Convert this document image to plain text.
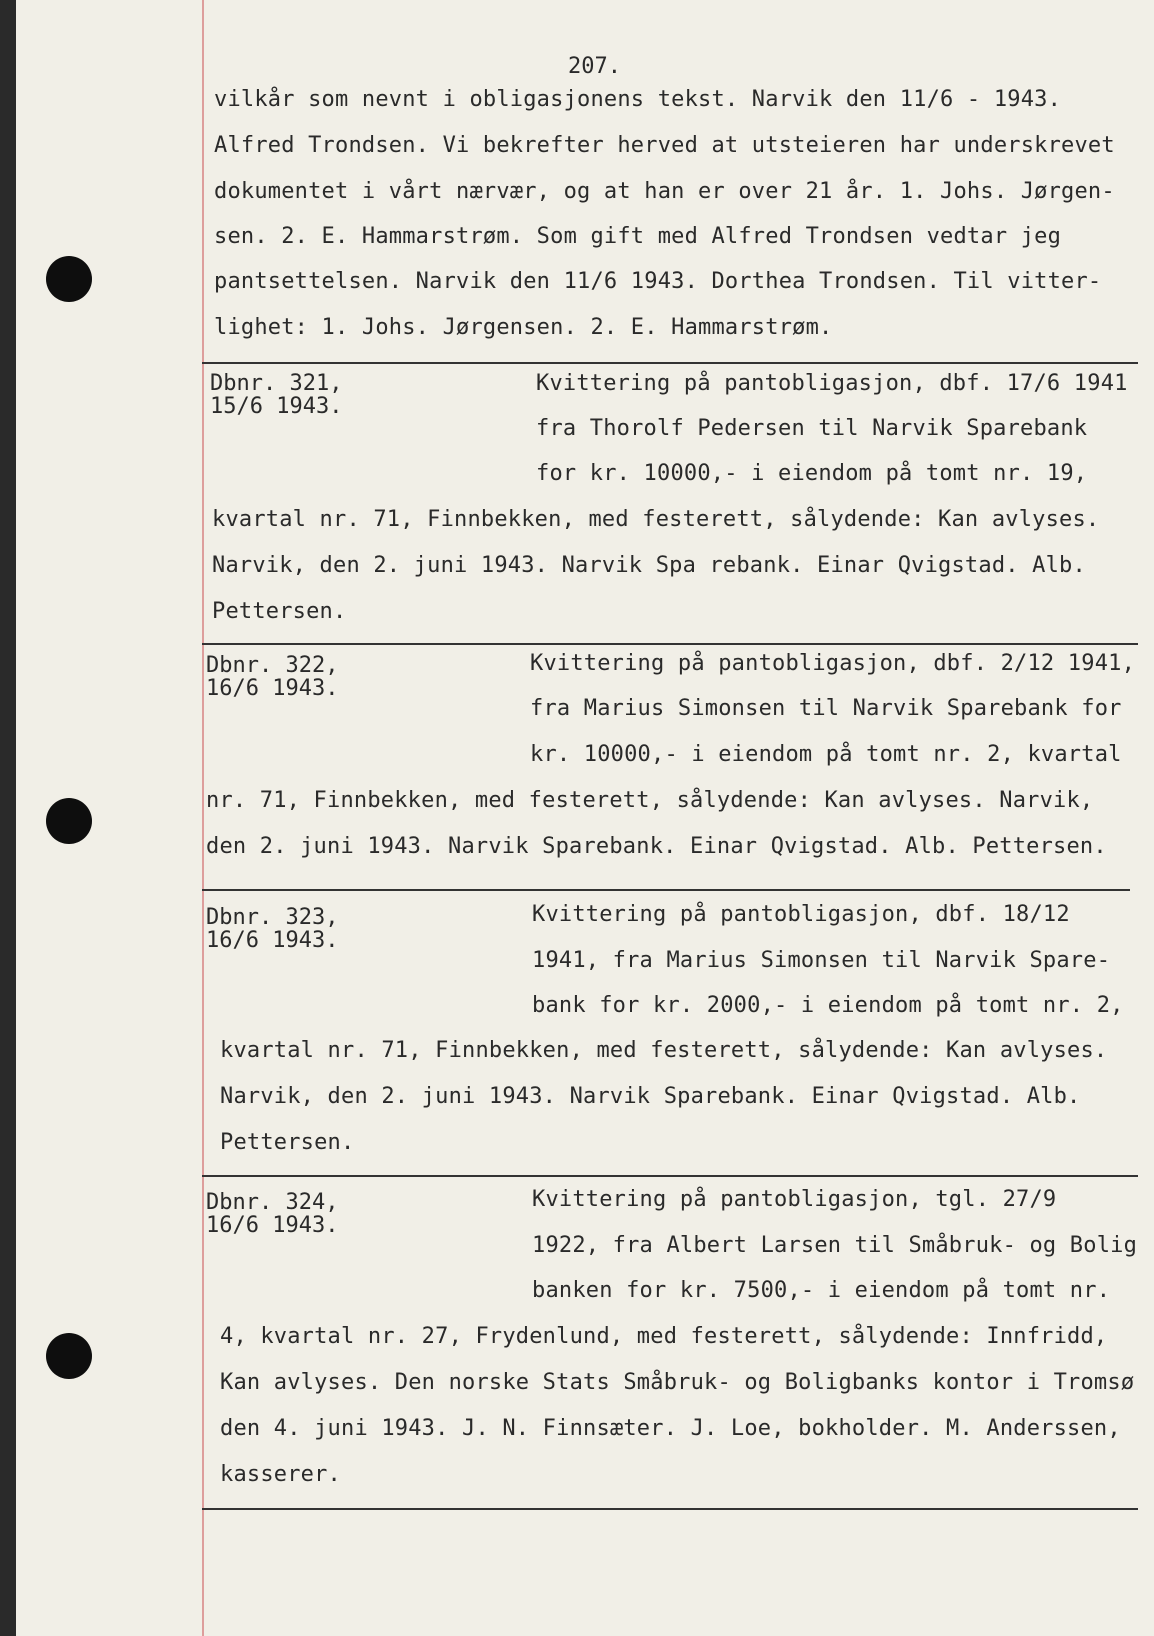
207.
vilkår som nevnt i obligasjonens tekst. Narvik den 11/6 - 1943.
Alfred Trondsen. Vi bekrefter herved at utsteieren har underskrevet
dokumentet i vårt nærvær, og at han er over 21 år. 1. Johs. Jørgen-
sen. 2. E. Hammarstrøm. Som gift med Alfred Trondsen vedtar jeg
pantsettelsen. Narvik den 11/6 1943. Dorthea Trondsen. Til vitter-
lighet: 1. Johs. Jørgensen. 2. E. Hammarstrøm.
Dbnr. 321,
15/6 1943.
Kvittering på pantobligasjon, dbf. 17/6 1941
fra Thorolf Pedersen til Narvik Sparebank
for kr. 10000,- i eiendom på tomt nr. 19,
kvartal nr. 71, Finnbekken, med festerett, sålydende: Kan avlyses.
Narvik, den 2. juni 1943. Narvik Spa rebank. Einar Qvigstad. Alb.
Pettersen.
Dbnr. 322,
16/6 1943.
Kvittering på pantobligasjon, dbf. 2/12 1941,
fra Marius Simonsen til Narvik Sparebank for
kr. 10000,- i eiendom på tomt nr. 2, kvartal
nr. 71, Finnbekken, med festerett, sålydende: Kan avlyses. Narvik,
den 2. juni 1943. Narvik Sparebank. Einar Qvigstad. Alb. Pettersen.
Dbnr. 323,
16/6 1943.
Kvittering på pantobligasjon, dbf. 18/12
1941, fra Marius Simonsen til Narvik Spare-
bank for kr. 2000,- i eiendom på tomt nr. 2,
kvartal nr. 71, Finnbekken, med festerett, sålydende: Kan avlyses.
Narvik, den 2. juni 1943. Narvik Sparebank. Einar Qvigstad. Alb.
Pettersen.
Dbnr. 324,
16/6 1943.
Kvittering på pantobligasjon, tgl. 27/9
1922, fra Albert Larsen til Småbruk- og Bolig
banken for kr. 7500,- i eiendom på tomt nr.
4, kvartal nr. 27, Frydenlund, med festerett, sålydende: Innfridd,
Kan avlyses. Den norske Stats Småbruk- og Boligbanks kontor i Tromsø
den 4. juni 1943. J. N. Finnsæter. J. Loe, bokholder. M. Anderssen,
kasserer.
